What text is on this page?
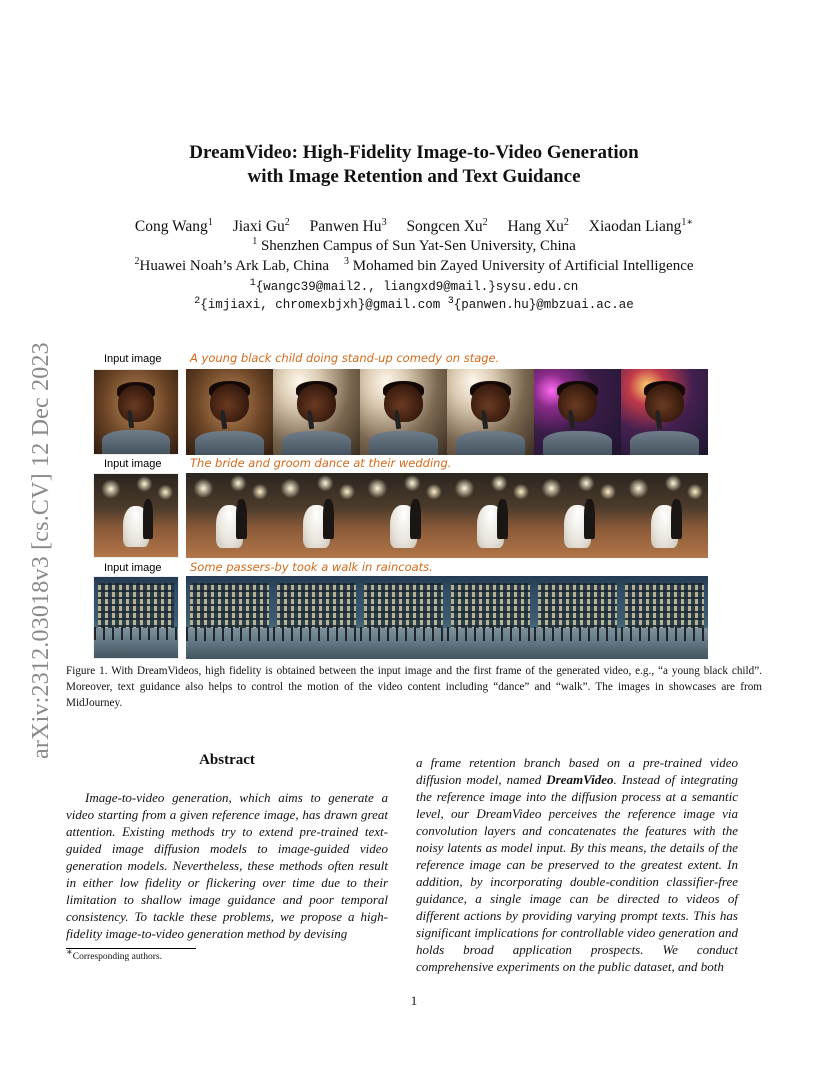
arXiv:2312.03018v3 [cs.CV] 12 Dec 2023
DreamVideo: High-Fidelity Image-to-Video Generation
with Image Retention and Text Guidance
Cong Wang$^1$ Jiaxi Gu$^2$ Panwen Hu$^3$ Songcen Xu$^2$ Hang Xu$^2$ Xiaodan Liang$^{1∗}$
$^1$ Shenzhen Campus of Sun Yat-Sen University, China
$^2$Huawei Noah’s Ark Lab, China $^3$ Mohamed bin Zayed University of Artificial Intelligence
$^1${wangc39@mail2., liangxd9@mail.}sysu.edu.cn
$^2${imjiaxi, chromexbjxh}@gmail.com $^3${panwen.hu}@mbzuai.ac.ae
Input image A young black child doing stand-up comedy on stage.
Input image The bride and groom dance at their wedding.
Input image Some passers-by took a walk in raincoats.
Figure 1. With DreamVideos, high fidelity is obtained between the input image and the first frame of the generated video, e.g., “a young black child”. Moreover, text guidance also helps to control the motion of the video content including “dance” and “walk”. The images in showcases are from MidJourney.
Abstract

Image-to-video generation, which aims to generate a video starting from a given reference image, has drawn great attention. Existing methods try to extend pre-trained text-guided image diffusion models to image-guided video generation models. Nevertheless, these methods often result in either low fidelity or flickering over time due to their limitation to shallow image guidance and poor temporal consistency. To tackle these problems, we propose a high-fidelity image-to-video generation method by devising

a frame retention branch based on a pre-trained video diffusion model, named DreamVideo. Instead of integrating the reference image into the diffusion process at a semantic level, our DreamVideo perceives the reference image via convolution layers and concatenates the features with the noisy latents as model input. By this means, the details of the reference image can be preserved to the greatest extent. In addition, by incorporating double-condition classifier-free guidance, a single image can be directed to videos of different actions by providing varying prompt texts. This has significant implications for controllable video generation and holds broad application prospects. We conduct comprehensive experiments on the public dataset, and both

∗Corresponding authors.
1
